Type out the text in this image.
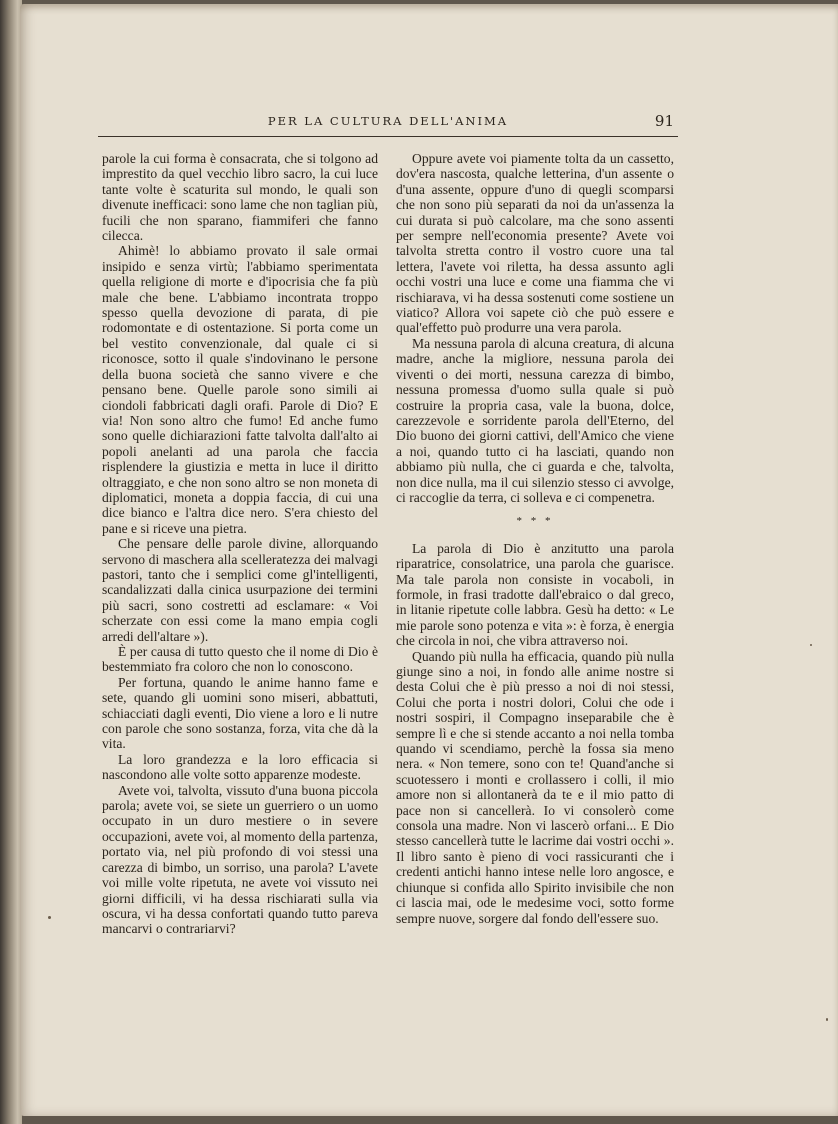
PER LA CULTURA DELL'ANIMA	91

parole la cui forma è consacrata, che si tolgono ad imprestito da quel vecchio libro sacro, la cui luce tante volte è scaturita sul mondo, le quali son divenute inefficaci: sono lame che non taglian più, fucili che non sparano, fiammiferi che fanno cilecca.

Ahimè! lo abbiamo provato il sale ormai insipido e senza virtù; l'abbiamo sperimentata quella religione di morte e d'ipocrisia che fa più male che bene. L'abbiamo incontrata troppo spesso quella devozione di parata, di pie rodomontate e di ostentazione. Si porta come un bel vestito convenzionale, dal quale ci si riconosce, sotto il quale s'indovinano le persone della buona società che sanno vivere e che pensano bene. Quelle parole sono simili ai ciondoli fabbricati dagli orafi. Parole di Dio? E via! Non sono altro che fumo! Ed anche fumo sono quelle dichiarazioni fatte talvolta dall'alto ai popoli anelanti ad una parola che faccia risplendere la giustizia e metta in luce il diritto oltraggiato, e che non sono altro se non moneta di diplomatici, moneta a doppia faccia, di cui una dice bianco e l'altra dice nero. S'era chiesto del pane e si riceve una pietra.

Che pensare delle parole divine, allorquando servono di maschera alla scelleratezza dei malvagi pastori, tanto che i semplici come gl'intelligenti, scandalizzati dalla cinica usurpazione dei termini più sacri, sono costretti ad esclamare: « Voi scherzate con essi come la mano empia cogli arredi dell'altare »).

È per causa di tutto questo che il nome di Dio è bestemmiato fra coloro che non lo conoscono.

Per fortuna, quando le anime hanno fame e sete, quando gli uomini sono miseri, abbattuti, schiacciati dagli eventi, Dio viene a loro e li nutre con parole che sono sostanza, forza, vita che dà la vita.

La loro grandezza e la loro efficacia si nascondono alle volte sotto apparenze modeste.

Avete voi, talvolta, vissuto d'una buona piccola parola; avete voi, se siete un guerriero o un uomo occupato in un duro mestiere o in severe occupazioni, avete voi, al momento della partenza, portato via, nel più profondo di voi stessi una carezza di bimbo, un sorriso, una parola? L'avete voi mille volte ripetuta, ne avete voi vissuto nei giorni difficili, vi ha dessa rischiarati sulla via oscura, vi ha dessa confortati quando tutto pareva mancarvi o contrariarvi?

Oppure avete voi piamente tolta da un cassetto, dov'era nascosta, qualche letterina, d'un assente o d'una assente, oppure d'uno di quegli scomparsi che non sono più separati da noi da un'assenza la cui durata si può calcolare, ma che sono assenti per sempre nell'economia presente? Avete voi talvolta stretta contro il vostro cuore una tal lettera, l'avete voi riletta, ha dessa assunto agli occhi vostri una luce e come una fiamma che vi rischiarava, vi ha dessa sostenuti come sostiene un viatico? Allora voi sapete ciò che può essere e qual'effetto può produrre una vera parola.

Ma nessuna parola di alcuna creatura, di alcuna madre, anche la migliore, nessuna parola dei viventi o dei morti, nessuna carezza di bimbo, nessuna promessa d'uomo sulla quale si può costruire la propria casa, vale la buona, dolce, carezzevole e sorridente parola dell'Eterno, del Dio buono dei giorni cattivi, dell'Amico che viene a noi, quando tutto ci ha lasciati, quando non abbiamo più nulla, che ci guarda e che, talvolta, non dice nulla, ma il cui silenzio stesso ci avvolge, ci raccoglie da terra, ci solleva e ci compenetra.

* * *

La parola di Dio è anzitutto una parola riparatrice, consolatrice, una parola che guarisce. Ma tale parola non consiste in vocaboli, in formole, in frasi tradotte dall'ebraico o dal greco, in litanie ripetute colle labbra. Gesù ha detto: « Le mie parole sono potenza e vita »: è forza, è energia che circola in noi, che vibra attraverso noi.

Quando più nulla ha efficacia, quando più nulla giunge sino a noi, in fondo alle anime nostre si desta Colui che è più presso a noi di noi stessi, Colui che porta i nostri dolori, Colui che ode i nostri sospiri, il Compagno inseparabile che è sempre lì e che si stende accanto a noi nella tomba quando vi scendiamo, perchè la fossa sia meno nera. « Non temere, sono con te! Quand'anche si scuotessero i monti e crollassero i colli, il mio amore non si allontanerà da te e il mio patto di pace non si cancellerà. Io vi consolerò come consola una madre. Non vi lascerò orfani... E Dio stesso cancellerà tutte le lacrime dai vostri occhi ». Il libro santo è pieno di voci rassicuranti che i credenti antichi hanno intese nelle loro angosce, e chiunque si confida allo Spirito invisibile che non ci lascia mai, ode le medesime voci, sotto forme sempre nuove, sorgere dal fondo dell'essere suo.
